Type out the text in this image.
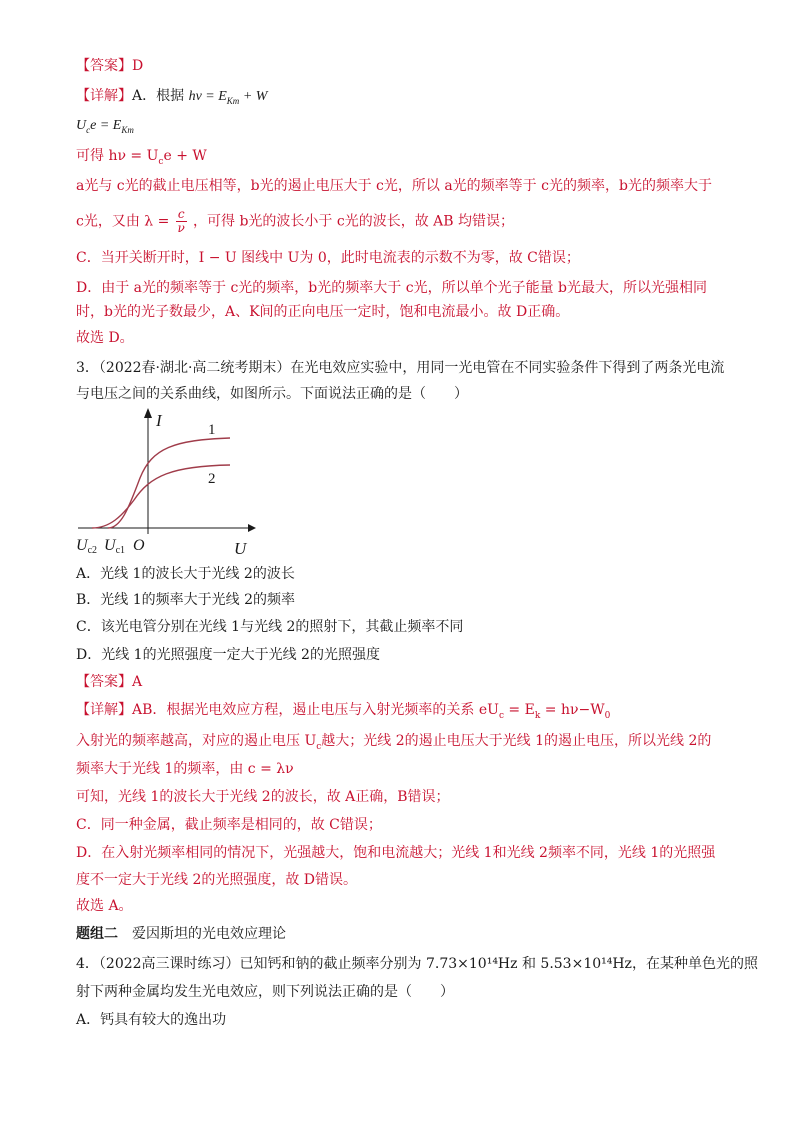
【答案】D
【详解】A．根据 $h\nu = E_{Km} + W$
$U_ce = E_{Km}$
可得 $h\nu = U_ce + W$
a光与 c光的截止电压相等，b光的遏止电压大于 c光，所以 a光的频率等于 c光的频率，b光的频率大于
c光，又由 $\lambda = \frac{c}{\nu}$ ，可得 b光的波长小于 c光的波长，故 AB 均错误；
C．当开关断开时，I − U 图线中 U为 0，此时电流表的示数不为零，故 C错误；
D．由于 a光的频率等于 c光的频率，b光的频率大于 c光，所以单个光子能量 b光最大，所以光强相同
时，b光的光子数最少，A、K间的正向电压一定时，饱和电流最小。故 D正确。
故选 D。
3．（2022春·湖北·高二统考期末）在光电效应实验中，用同一光电管在不同实验条件下得到了两条光电流
与电压之间的关系曲线，如图所示。下面说法正确的是（　　）
I	1
2
U
O
Uc2 Uc1
A．光线 1的波长大于光线 2的波长
B．光线 1的频率大于光线 2的频率
C．该光电管分别在光线 1与光线 2的照射下，其截止频率不同
D．光线 1的光照强度一定大于光线 2的光照强度
【答案】A
【详解】AB．根据光电效应方程，遏止电压与入射光频率的关系 $eU_c = E_k = h\nu-W_0$
入射光的频率越高，对应的遏止电压 $U_c$越大；光线 2的遏止电压大于光线 1的遏止电压，所以光线 2的
频率大于光线 1的频率，由 c = λν
可知，光线 1的波长大于光线 2的波长，故 A正确，B错误；
C．同一种金属，截止频率是相同的，故 C错误；
D．在入射光频率相同的情况下，光强越大，饱和电流越大；光线 1和光线 2频率不同，光线 1的光照强
度不一定大于光线 2的光照强度，故 D错误。
故选 A。
题组二　爱因斯坦的光电效应理论
4．（2022高三课时练习）已知钙和钠的截止频率分别为 7.73×10¹⁴Hz 和 5.53×10¹⁴Hz，在某种单色光的照
射下两种金属均发生光电效应，则下列说法正确的是（　　）
A．钙具有较大的逸出功
